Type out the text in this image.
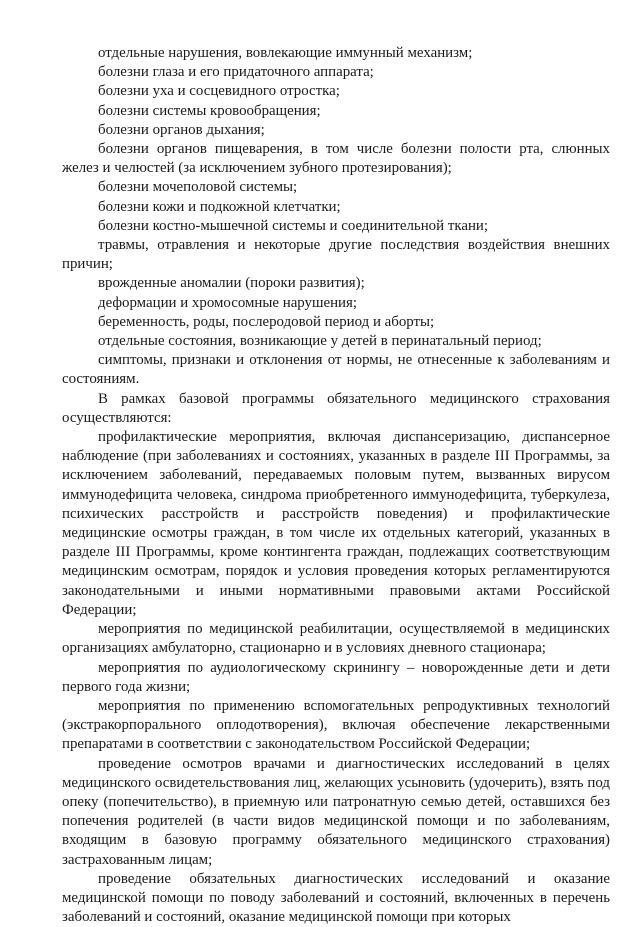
отдельные нарушения, вовлекающие иммунный механизм;

болезни глаза и его придаточного аппарата;

болезни уха и сосцевидного отростка;

болезни системы кровообращения;

болезни органов дыхания;

болезни органов пищеварения, в том числе болезни полости рта, слюнных желез и челюстей (за исключением зубного протезирования);

болезни мочеполовой системы;

болезни кожи и подкожной клетчатки;

болезни костно-мышечной системы и соединительной ткани;

травмы, отравления и некоторые другие последствия воздействия внешних причин;

врожденные аномалии (пороки развития);

деформации и хромосомные нарушения;

беременность, роды, послеродовой период и аборты;

отдельные состояния, возникающие у детей в перинатальный период;

симптомы, признаки и отклонения от нормы, не отнесенные к заболеваниям и состояниям.

В рамках базовой программы обязательного медицинского страхования осуществляются:

профилактические мероприятия, включая диспансеризацию, диспансерное наблюдение (при заболеваниях и состояниях, указанных в разделе III Программы, за исключением заболеваний, передаваемых половым путем, вызванных вирусом иммунодефицита человека, синдрома приобретенного иммунодефицита, туберкулеза, психических расстройств и расстройств поведения) и профилактические медицинские осмотры граждан, в том числе их отдельных категорий, указанных в разделе III Программы, кроме контингента граждан, подлежащих соответствующим медицинским осмотрам, порядок и условия проведения которых регламентируются законодательными и иными нормативными правовыми актами Российской Федерации;

мероприятия по медицинской реабилитации, осуществляемой в медицинских организациях амбулаторно, стационарно и в условиях дневного стационара;

мероприятия по аудиологическому скринингу – новорожденные дети и дети первого года жизни;

мероприятия по применению вспомогательных репродуктивных технологий (экстракорпорального оплодотворения), включая обеспечение лекарственными препаратами в соответствии с законодательством Российской Федерации;

проведение осмотров врачами и диагностических исследований в целях медицинского освидетельствования лиц, желающих усыновить (удочерить), взять под опеку (попечительство), в приемную или патронатную семью детей, оставшихся без попечения родителей (в части видов медицинской помощи и по заболеваниям, входящим в базовую программу обязательного медицинского страхования) застрахованным лицам;

проведение обязательных диагностических исследований и оказание медицинской помощи по поводу заболеваний и состояний, включенных в перечень заболеваний и состояний, оказание медицинской помощи при которых
